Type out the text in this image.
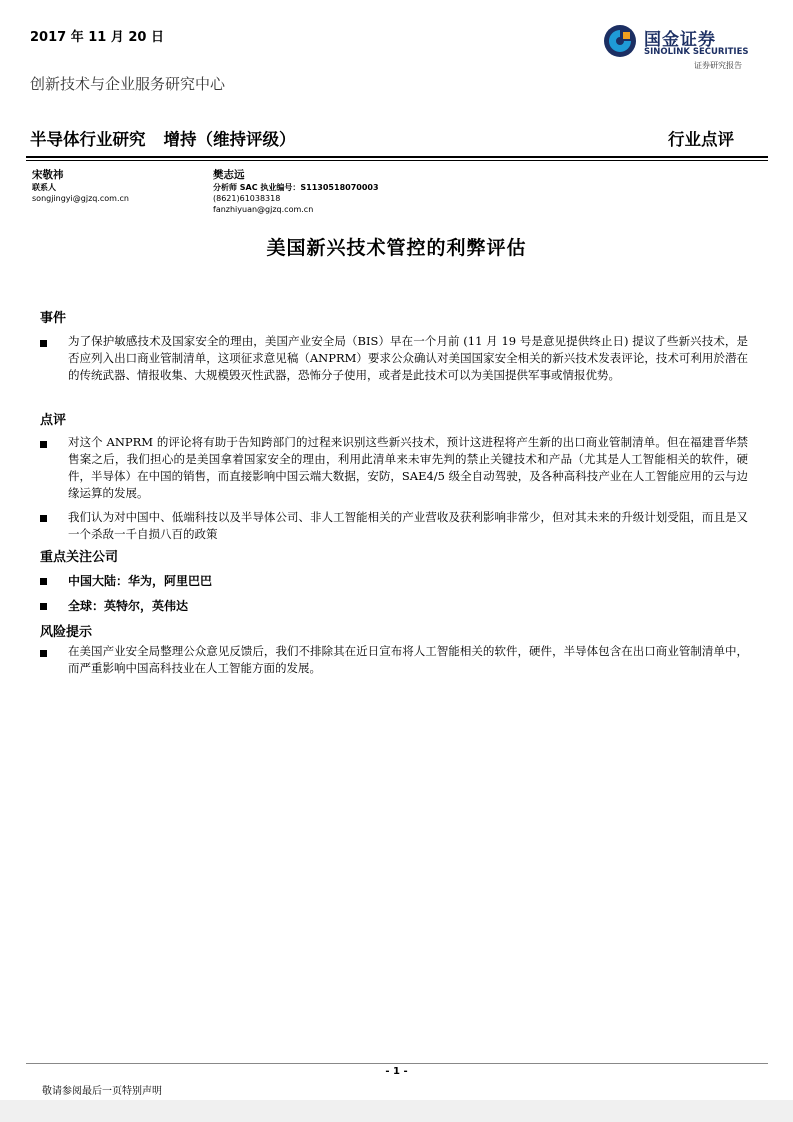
2017 年 11 月 20 日	国金证券
SINOLINK SECURITIES
证券研究报告
创新技术与企业服务研究中心
半导体行业研究 增持（维持评级）	行业点评
宋敬祎
联系人
songjingyi@gjzq.com.cn
樊志远
分析师 SAC 执业编号：S1130518070003
(8621)61038318
fanzhiyuan@gjzq.com.cn
美国新兴技术管控的利弊评估
事件
为了保护敏感技术及国家安全的理由，美国产业安全局（BIS）早在一个月前 (11 月 19 号是意见提供终止日) 提议了些新兴技术，是否应列入出口商业管制清单，这项征求意见稿（ANPRM）要求公众确认对美国国家安全相关的新兴技术发表评论，技术可利用於潜在的传统武器、情报收集、大规模毁灭性武器，恐怖分子使用，或者是此技术可以为美国提供军事或情报优势。
点评
对这个 ANPRM 的评论将有助于告知跨部门的过程来识别这些新兴技术，预计这进程将产生新的出口商业管制清单。但在福建晋华禁售案之后，我们担心的是美国拿着国家安全的理由，利用此清单来未审先判的禁止关键技术和产品（尤其是人工智能相关的软件，硬件，半导体）在中国的销售，而直接影响中国云端大数据，安防，SAE4/5 级全自动驾驶，及各种高科技产业在人工智能应用的云与边缘运算的发展。
我们认为对中国中、低端科技以及半导体公司、非人工智能相关的产业营收及获利影响非常少，但对其未来的升级计划受阻，而且是又一个杀敌一千自损八百的政策
重点关注公司
中国大陆：华为，阿里巴巴
全球：英特尔，英伟达
风险提示
在美国产业安全局整理公众意见反馈后，我们不排除其在近日宣布将人工智能相关的软件，硬件，半导体包含在出口商业管制清单中，而严重影响中国高科技业在人工智能方面的发展。
- 1 -
敬请参阅最后一页特别声明
